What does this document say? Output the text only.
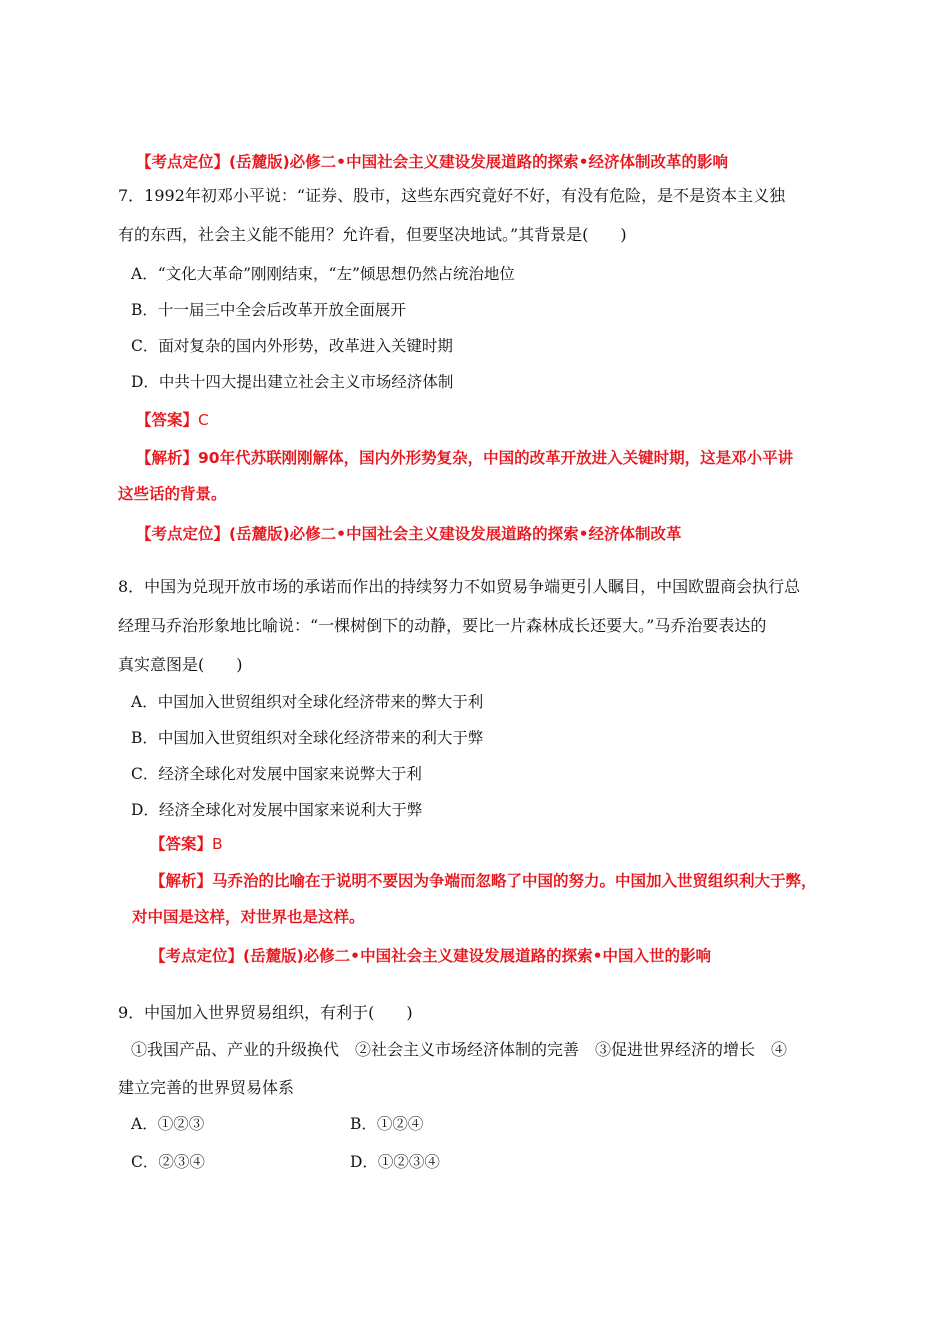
【考点定位】(岳麓版)必修二•中国社会主义建设发展道路的探索•经济体制改革的影响
7．1992年初邓小平说：“证券、股市，这些东西究竟好不好，有没有危险，是不是资本主义独
有的东西，社会主义能不能用？允许看，但要坚决地试。”其背景是(　　)
A．“文化大革命”刚刚结束，“左”倾思想仍然占统治地位
B．十一届三中全会后改革开放全面展开
C．面对复杂的国内外形势，改革进入关键时期
D．中共十四大提出建立社会主义市场经济体制
【答案】C
【解析】90年代苏联刚刚解体，国内外形势复杂，中国的改革开放进入关键时期，这是邓小平讲
这些话的背景。
【考点定位】(岳麓版)必修二•中国社会主义建设发展道路的探索•经济体制改革
8．中国为兑现开放市场的承诺而作出的持续努力不如贸易争端更引人瞩目，中国欧盟商会执行总
经理马乔治形象地比喻说：“一棵树倒下的动静，要比一片森林成长还要大。”马乔治要表达的
真实意图是(　　)
A．中国加入世贸组织对全球化经济带来的弊大于利
B．中国加入世贸组织对全球化经济带来的利大于弊
C．经济全球化对发展中国家来说弊大于利
D．经济全球化对发展中国家来说利大于弊
【答案】B
【解析】马乔治的比喻在于说明不要因为争端而忽略了中国的努力。中国加入世贸组织利大于弊，
对中国是这样，对世界也是这样。
【考点定位】(岳麓版)必修二•中国社会主义建设发展道路的探索•中国入世的影响
9．中国加入世界贸易组织，有利于(　　)
①我国产品、产业的升级换代　②社会主义市场经济体制的完善　③促进世界经济的增长　④
建立完善的世界贸易体系
A．①②③	B．①②④
C．②③④	D．①②③④
